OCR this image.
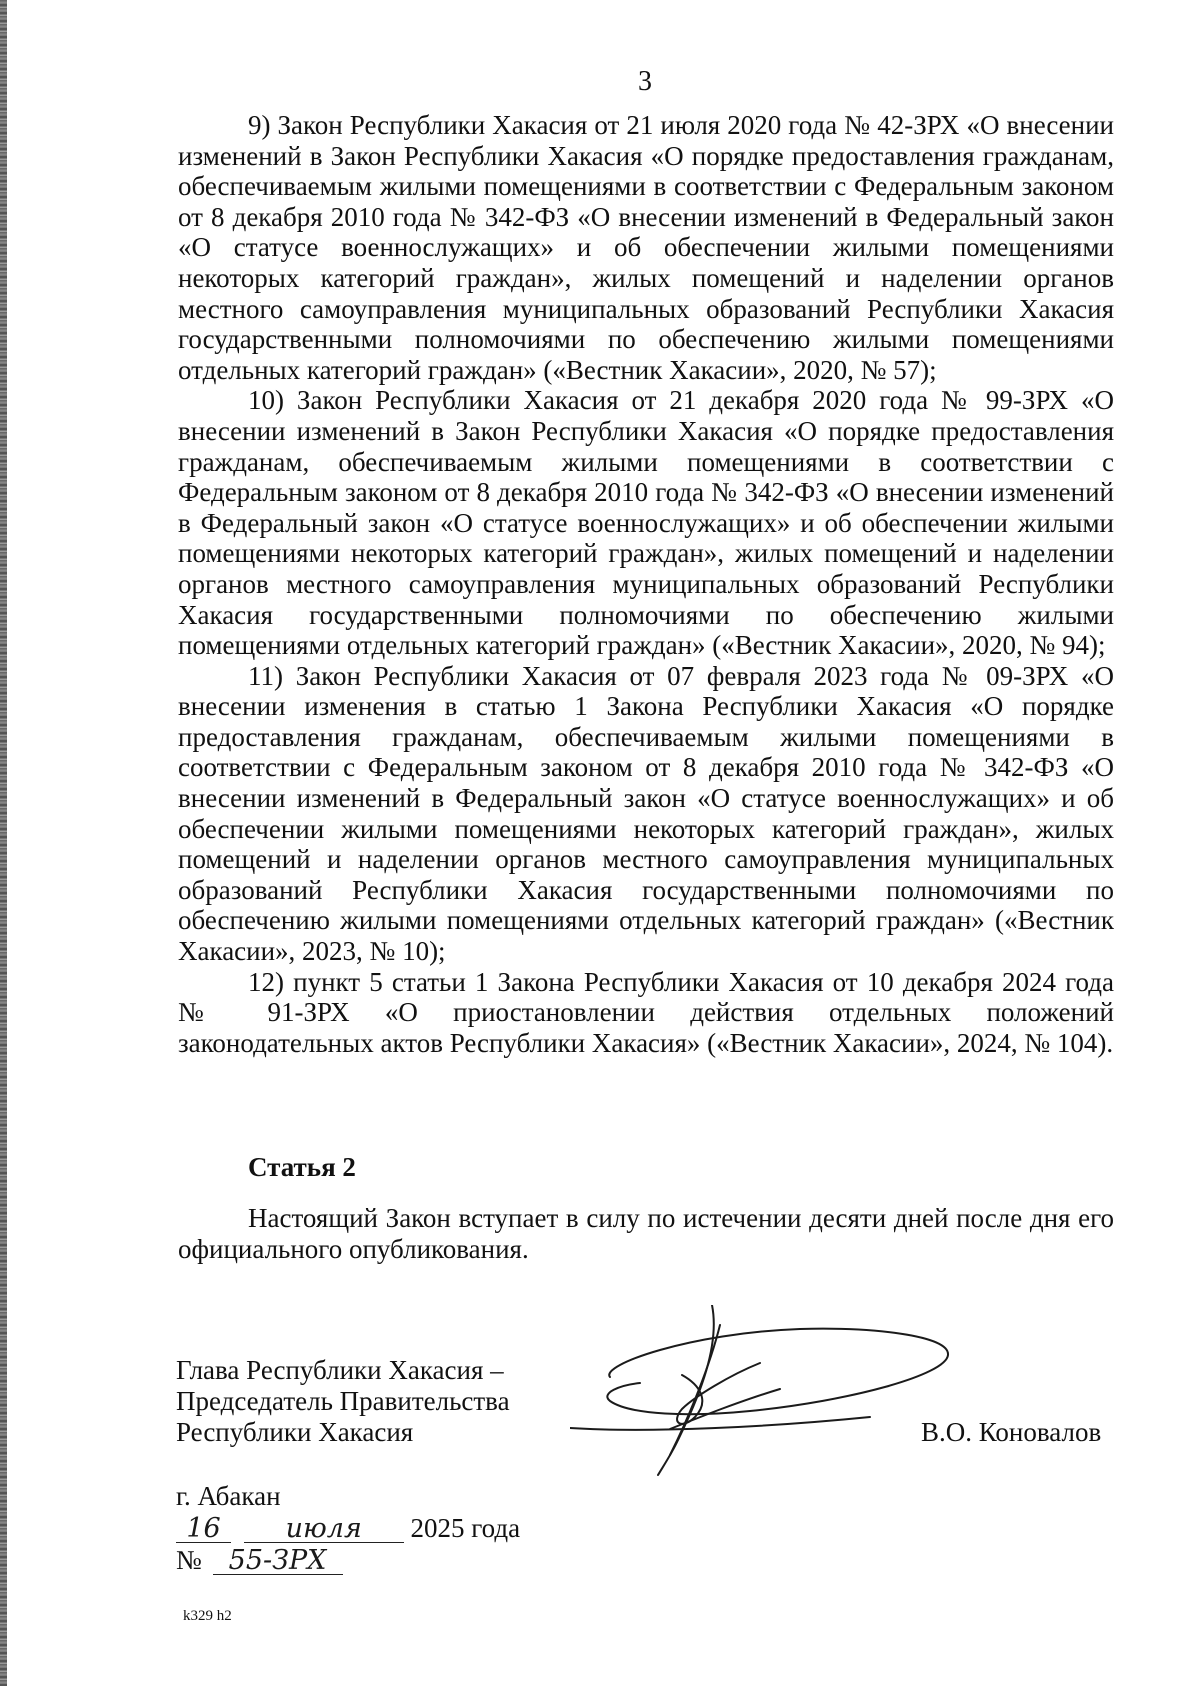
3

9) Закон Республики Хакасия от 21 июля 2020 года № 42-ЗРХ «О внесении изменений в Закон Республики Хакасия «О порядке предоставления гражданам, обеспечиваемым жилыми помещениями в соответствии с Федеральным законом от 8 декабря 2010 года № 342-ФЗ «О внесении изменений в Федеральный закон «О статусе военнослужащих» и об обеспечении жилыми помещениями некоторых категорий граждан», жилых помещений и наделении органов местного самоуправления муниципальных образований Республики Хакасия государственными полномочиями по обеспечению жилыми помещениями отдельных категорий граждан» («Вестник Хакасии», 2020, № 57);

10) Закон Республики Хакасия от 21 декабря 2020 года № 99-ЗРХ «О внесении изменений в Закон Республики Хакасия «О порядке предоставления гражданам, обеспечиваемым жилыми помещениями в соответствии с Федеральным законом от 8 декабря 2010 года № 342-ФЗ «О внесении изменений в Федеральный закон «О статусе военнослужащих» и об обеспечении жилыми помещениями некоторых категорий граждан», жилых помещений и наделении органов местного самоуправления муниципальных образований Республики Хакасия государственными полномочиями по обеспечению жилыми помещениями отдельных категорий граждан» («Вестник Хакасии», 2020, № 94);

11) Закон Республики Хакасия от 07 февраля 2023 года № 09-ЗРХ «О внесении изменения в статью 1 Закона Республики Хакасия «О порядке предоставления гражданам, обеспечиваемым жилыми помещениями в соответствии с Федеральным законом от 8 декабря 2010 года № 342-ФЗ «О внесении изменений в Федеральный закон «О статусе военнослужащих» и об обеспечении жилыми помещениями некоторых категорий граждан», жилых помещений и наделении органов местного самоуправления муниципальных образований Республики Хакасия государственными полномочиями по обеспечению жилыми помещениями отдельных категорий граждан» («Вестник Хакасии», 2023, № 10);

12) пункт 5 статьи 1 Закона Республики Хакасия от 10 декабря 2024 года № 91-ЗРХ «О приостановлении действия отдельных положений законодательных актов Республики Хакасия» («Вестник Хакасии», 2024, № 104).

Статья 2

Настоящий Закон вступает в силу по истечении десяти дней после дня его официального опубликования.

Глава Республики Хакасия –
Председатель Правительства
Республики Хакасия	В.О. Коновалов
г. Абакан
16 июля 2025 года
№ 55-ЗРХ
k329 h2
